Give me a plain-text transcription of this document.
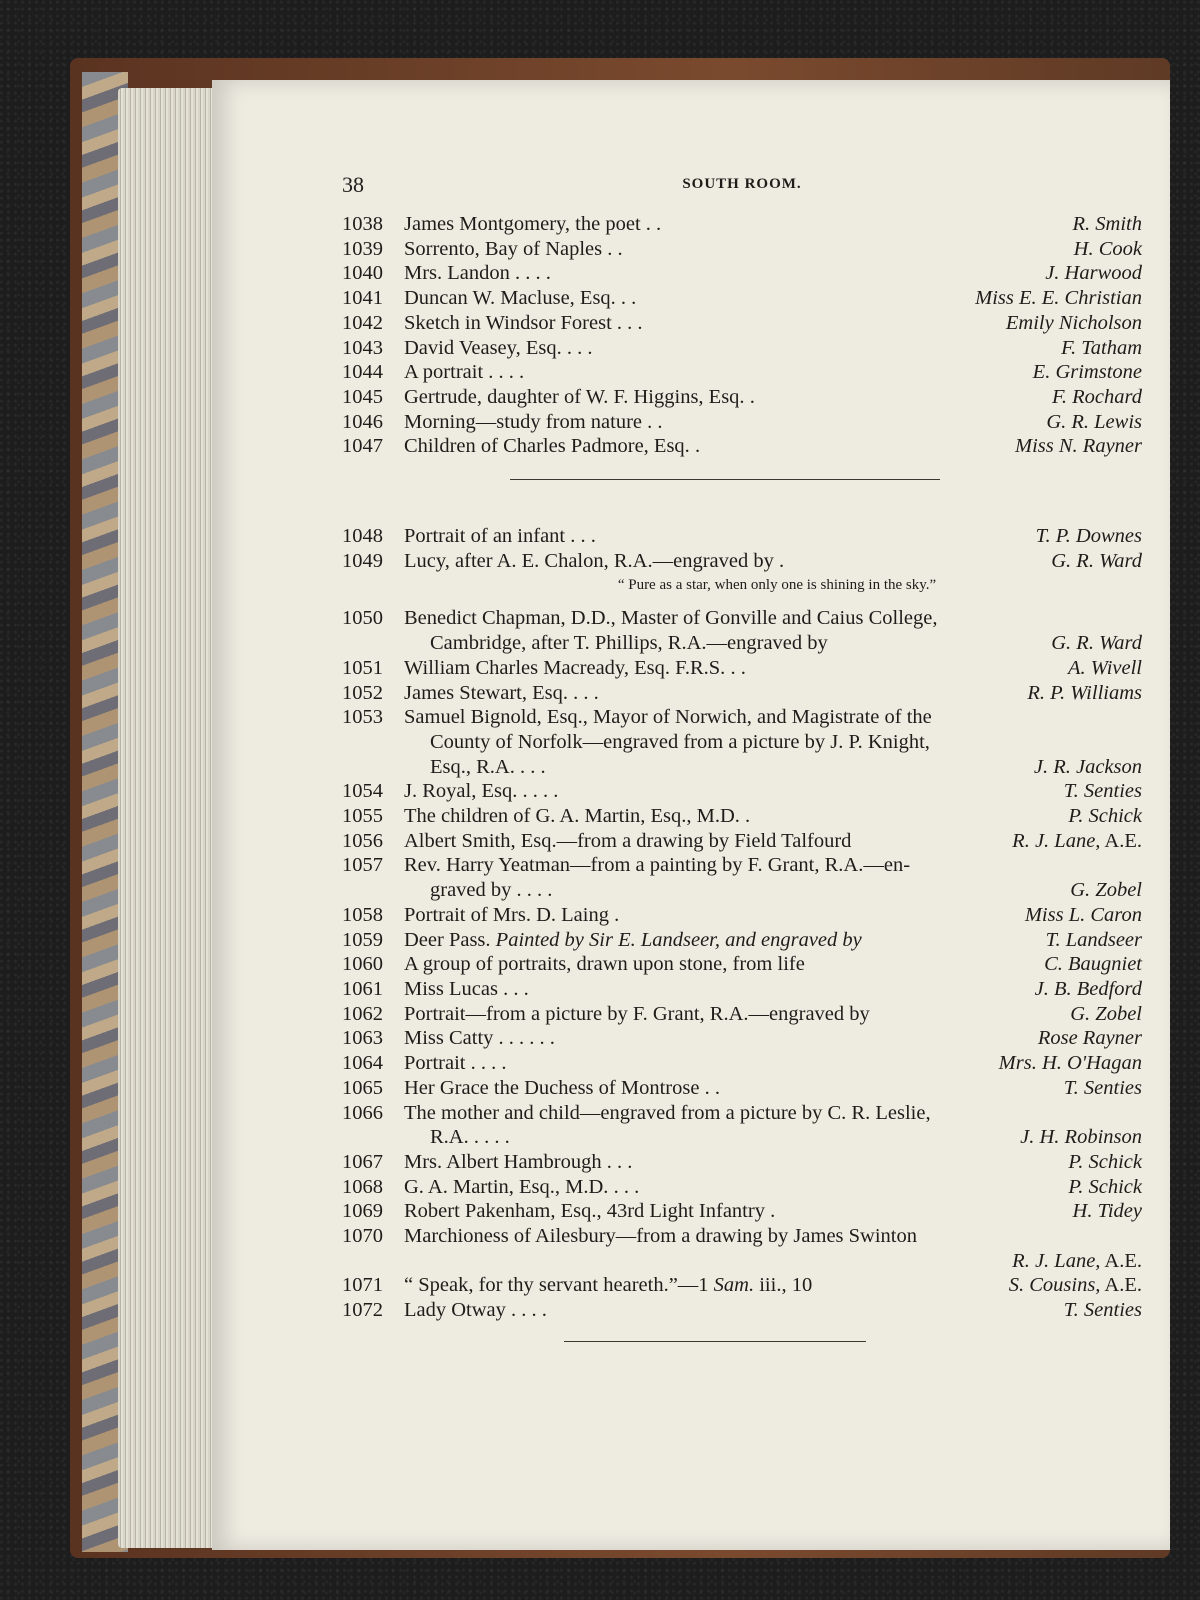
38	SOUTH ROOM.
1038	James Montgomery, the poet . .	R. Smith
1039	Sorrento, Bay of Naples . .	H. Cook
1040	Mrs. Landon . . . .	J. Harwood
1041	Duncan W. Macluse, Esq. . .	Miss E. E. Christian
1042	Sketch in Windsor Forest . . .	Emily Nicholson
1043	David Veasey, Esq. . . .	F. Tatham
1044	A portrait . . . .	E. Grimstone
1045	Gertrude, daughter of W. F. Higgins, Esq. .	F. Rochard
1046	Morning—study from nature . .	G. R. Lewis
1047	Children of Charles Padmore, Esq. .	Miss N. Rayner
1048	Portrait of an infant . . .	T. P. Downes
1049	Lucy, after A. E. Chalon, R.A.—engraved by .	G. R. Ward
“ Pure as a star, when only one is shining in the sky.”
1050	Benedict Chapman, D.D., Master of Gonville and Caius College,
Cambridge, after T. Phillips, R.A.—engraved by	G. R. Ward
1051	William Charles Macready, Esq. F.R.S. . .	A. Wivell
1052	James Stewart, Esq. . . .	R. P. Williams
1053	Samuel Bignold, Esq., Mayor of Norwich, and Magistrate of the
County of Norfolk—engraved from a picture by J. P. Knight,
Esq., R.A. . . .	J. R. Jackson
1054	J. Royal, Esq. . . . .	T. Senties
1055	The children of G. A. Martin, Esq., M.D. .	P. Schick
1056	Albert Smith, Esq.—from a drawing by Field Talfourd	R. J. Lane, A.E.
1057	Rev. Harry Yeatman—from a painting by F. Grant, R.A.—en-
graved by . . . .	G. Zobel
1058	Portrait of Mrs. D. Laing .	Miss L. Caron
1059	Deer Pass. Painted by Sir E. Landseer, and engraved by	T. Landseer
1060	A group of portraits, drawn upon stone, from life	C. Baugniet
1061	Miss Lucas . . .	J. B. Bedford
1062	Portrait—from a picture by F. Grant, R.A.—engraved by	G. Zobel
1063	Miss Catty . . . . . .	Rose Rayner
1064	Portrait . . . .	Mrs. H. O'Hagan
1065	Her Grace the Duchess of Montrose . .	T. Senties
1066	The mother and child—engraved from a picture by C. R. Leslie,
R.A. . . . .	J. H. Robinson
1067	Mrs. Albert Hambrough . . .	P. Schick
1068	G. A. Martin, Esq., M.D. . . .	P. Schick
1069	Robert Pakenham, Esq., 43rd Light Infantry .	H. Tidey
1070	Marchioness of Ailesbury—from a drawing by James Swinton

R. J. Lane, A.E.
1071	“ Speak, for thy servant heareth.”—1 Sam. iii., 10	S. Cousins, A.E.
1072	Lady Otway . . . .	T. Senties
